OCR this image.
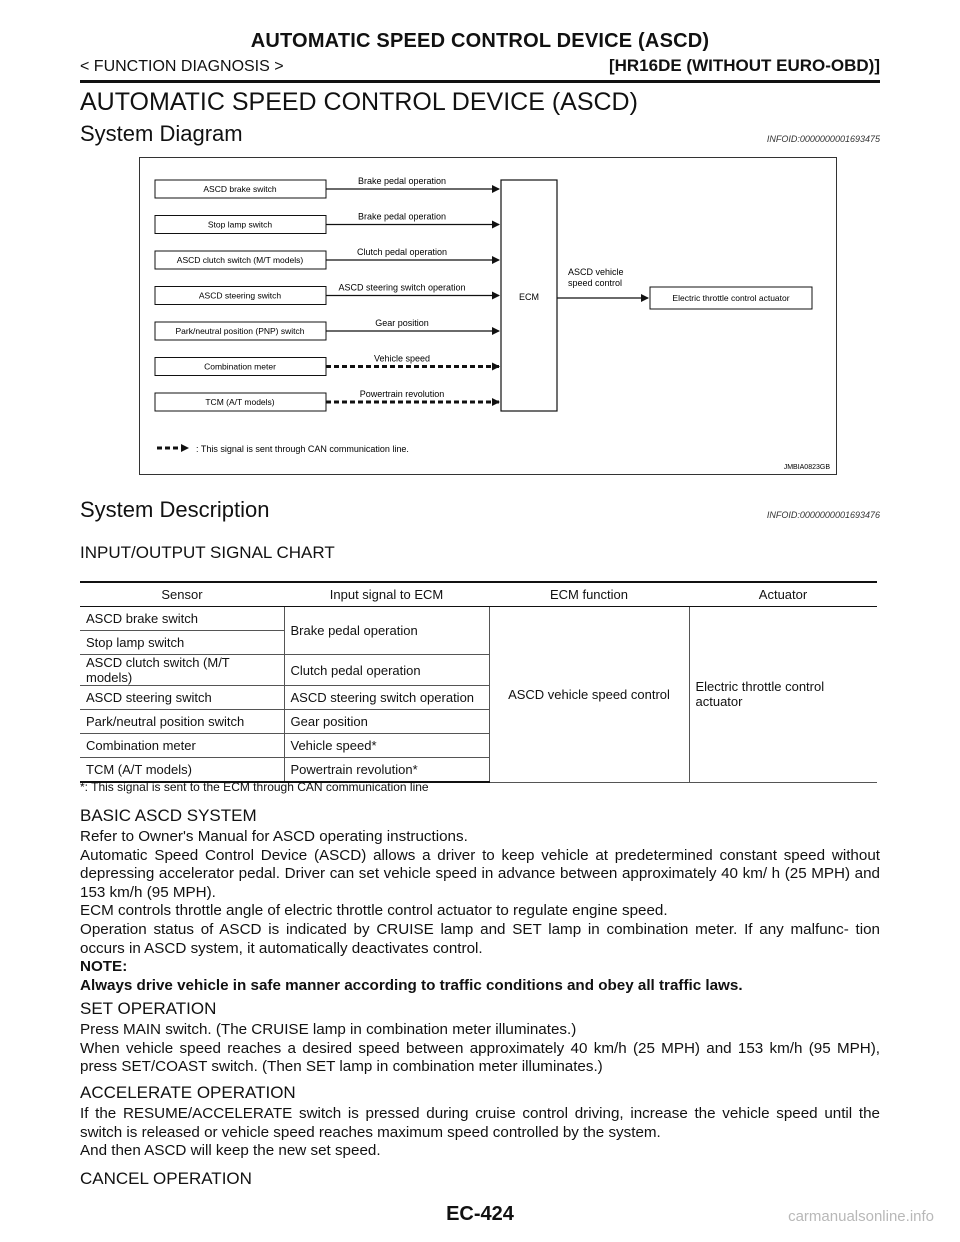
AUTOMATIC SPEED CONTROL DEVICE (ASCD)
< FUNCTION DIAGNOSIS >	[HR16DE (WITHOUT EURO-OBD)]
AUTOMATIC SPEED CONTROL DEVICE (ASCD)
System Diagram	INFOID:0000000001693475
ASCD brake switch
Brake pedal operation
Stop lamp switch
Brake pedal operation
ASCD clutch switch (M/T models)
Clutch pedal operation
ASCD steering switch
ASCD steering switch operation
Park/neutral position (PNP) switch
Gear position
Combination meter
Vehicle speed
TCM (A/T models)
Powertrain revolution
ECM
ASCD vehicle
speed control
Electric throttle control actuator
: This signal is sent through CAN communication line.
JMBIA0823GB
System Description	INFOID:0000000001693476
INPUT/OUTPUT SIGNAL CHART
Sensor	Input signal to ECM	ECM function	Actuator
ASCD brake switch	Brake pedal operation	ASCD vehicle speed control	Electric throttle control
actuator
Stop lamp switch			
ASCD clutch switch (M/T models)	Clutch pedal operation		
ASCD steering switch	ASCD steering switch operation		
Park/neutral position switch	Gear position		
Combination meter	Vehicle speed*		
TCM (A/T models)	Powertrain revolution*		
*: This signal is sent to the ECM through CAN communication line
BASIC ASCD SYSTEM

Refer to Owner's Manual for ASCD operating instructions.

Automatic Speed Control Device (ASCD) allows a driver to keep vehicle at predetermined constant speed without depressing accelerator pedal. Driver can set vehicle speed in advance between approximately 40 km/ h (25 MPH) and 153 km/h (95 MPH).

ECM controls throttle angle of electric throttle control actuator to regulate engine speed.

Operation status of ASCD is indicated by CRUISE lamp and SET lamp in combination meter. If any malfunc- tion occurs in ASCD system, it automatically deactivates control.

NOTE:

Always drive vehicle in safe manner according to traffic conditions and obey all traffic laws.

SET OPERATION

Press MAIN switch. (The CRUISE lamp in combination meter illuminates.)

When vehicle speed reaches a desired speed between approximately 40 km/h (25 MPH) and 153 km/h (95 MPH), press SET/COAST switch. (Then SET lamp in combination meter illuminates.)

ACCELERATE OPERATION

If the RESUME/ACCELERATE switch is pressed during cruise control driving, increase the vehicle speed until the switch is released or vehicle speed reaches maximum speed controlled by the system.

And then ASCD will keep the new set speed.

CANCEL OPERATION
EC-424	carmanualsonline.info
